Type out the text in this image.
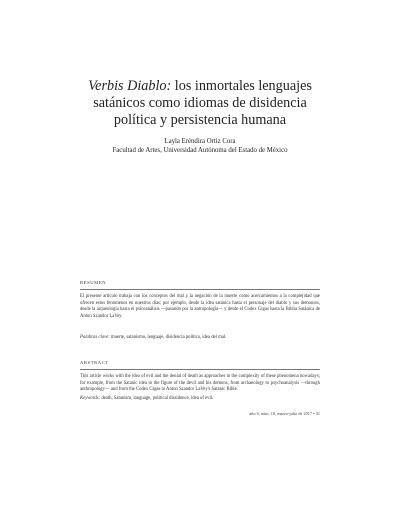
Verbis Diablo: los inmortales lenguajes
satánicos como idiomas de disidencia
política y persistencia humana
Layla Eréndira Ortiz Cora
Facultad de Artes, Universidad Autónoma del Estado de México
RESUMEN
El presente artículo trabaja con los conceptos del mal y la negación de la muerte como acercamientos a la complejidad que ofrecen estos fenómenos en nuestros días; por ejemplo, desde la idea satánica hasta el personaje del diablo y sus demonios, desde la arqueología hasta el psicoanálisis —pasando por la antropología— y desde el Codex Gigas hasta la Biblia Satánica de Anton Szandor LaVey.
Palabras clave: muerte, satanismo, lenguaje, disidencia política, idea del mal.
ABSTRACT
This article works with the idea of evil and the denial of death as approaches to the complexity of these phenomena nowadays; for example, from the Satanic idea to the figure of the devil and his demons, from archaeology to psychoanalysis —through anthropology— and from the Codex Gigas to Anton Szandor LaVey's Satanic Bible.
Keywords: death, Satanism, language, political dissidence, idea of evil.
año 6, núm. 10, marzo-julio de 2017 • 31
